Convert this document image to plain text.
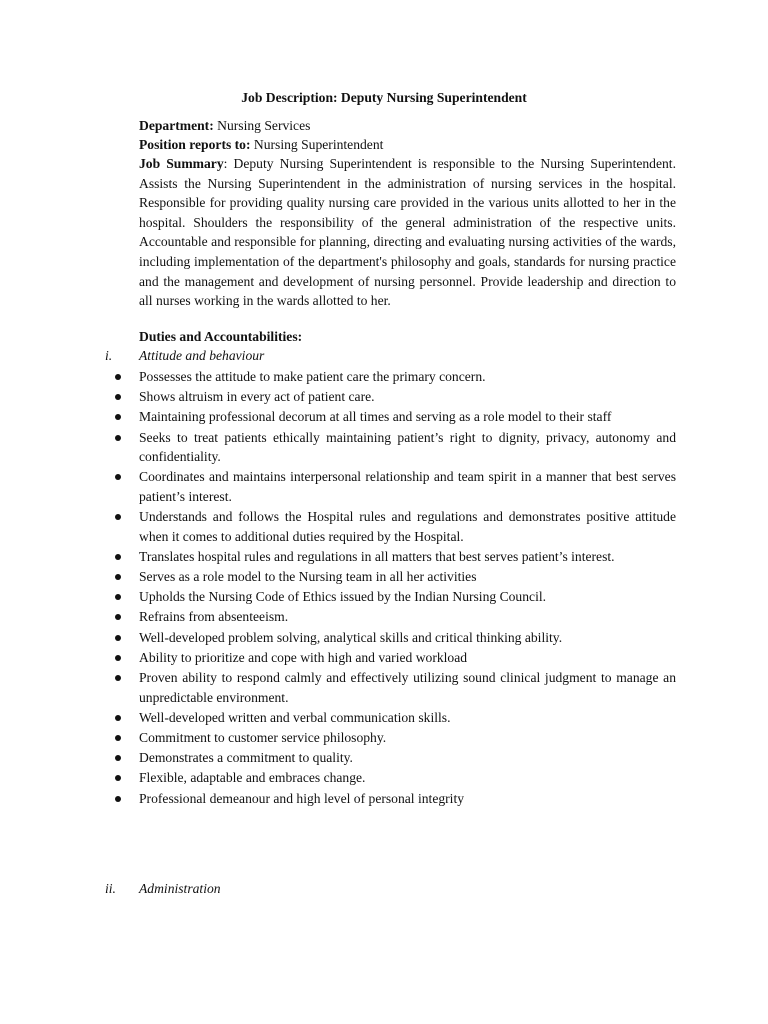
Job Description: Deputy Nursing Superintendent
Department: Nursing Services
Position reports to: Nursing Superintendent
Job Summary: Deputy Nursing Superintendent is responsible to the Nursing Superintendent. Assists the Nursing Superintendent in the administration of nursing services in the hospital. Responsible for providing quality nursing care provided in the various units allotted to her in the hospital. Shoulders the responsibility of the general administration of the respective units. Accountable and responsible for planning, directing and evaluating nursing activities of the wards, including implementation of the department's philosophy and goals, standards for nursing practice and the management and development of nursing personnel. Provide leadership and direction to all nurses working in the wards allotted to her.
Duties and Accountabilities:
i. Attitude and behaviour
Possesses the attitude to make patient care the primary concern.
Shows altruism in every act of patient care.
Maintaining professional decorum at all times and serving as a role model to their staff
Seeks to treat patients ethically maintaining patient’s right to dignity, privacy, autonomy and confidentiality.
Coordinates and maintains interpersonal relationship and team spirit in a manner that best serves patient’s interest.
Understands and follows the Hospital rules and regulations and demonstrates positive attitude when it comes to additional duties required by the Hospital.
Translates hospital rules and regulations in all matters that best serves patient’s interest.
Serves as a role model to the Nursing team in all her activities
Upholds the Nursing Code of Ethics issued by the Indian Nursing Council.
Refrains from absenteeism.
Well-developed problem solving, analytical skills and critical thinking ability.
Ability to prioritize and cope with high and varied workload
Proven ability to respond calmly and effectively utilizing sound clinical judgment to manage an unpredictable environment.
Well-developed written and verbal communication skills.
Commitment to customer service philosophy.
Demonstrates a commitment to quality.
Flexible, adaptable and embraces change.
Professional demeanour and high level of personal integrity
ii. Administration
